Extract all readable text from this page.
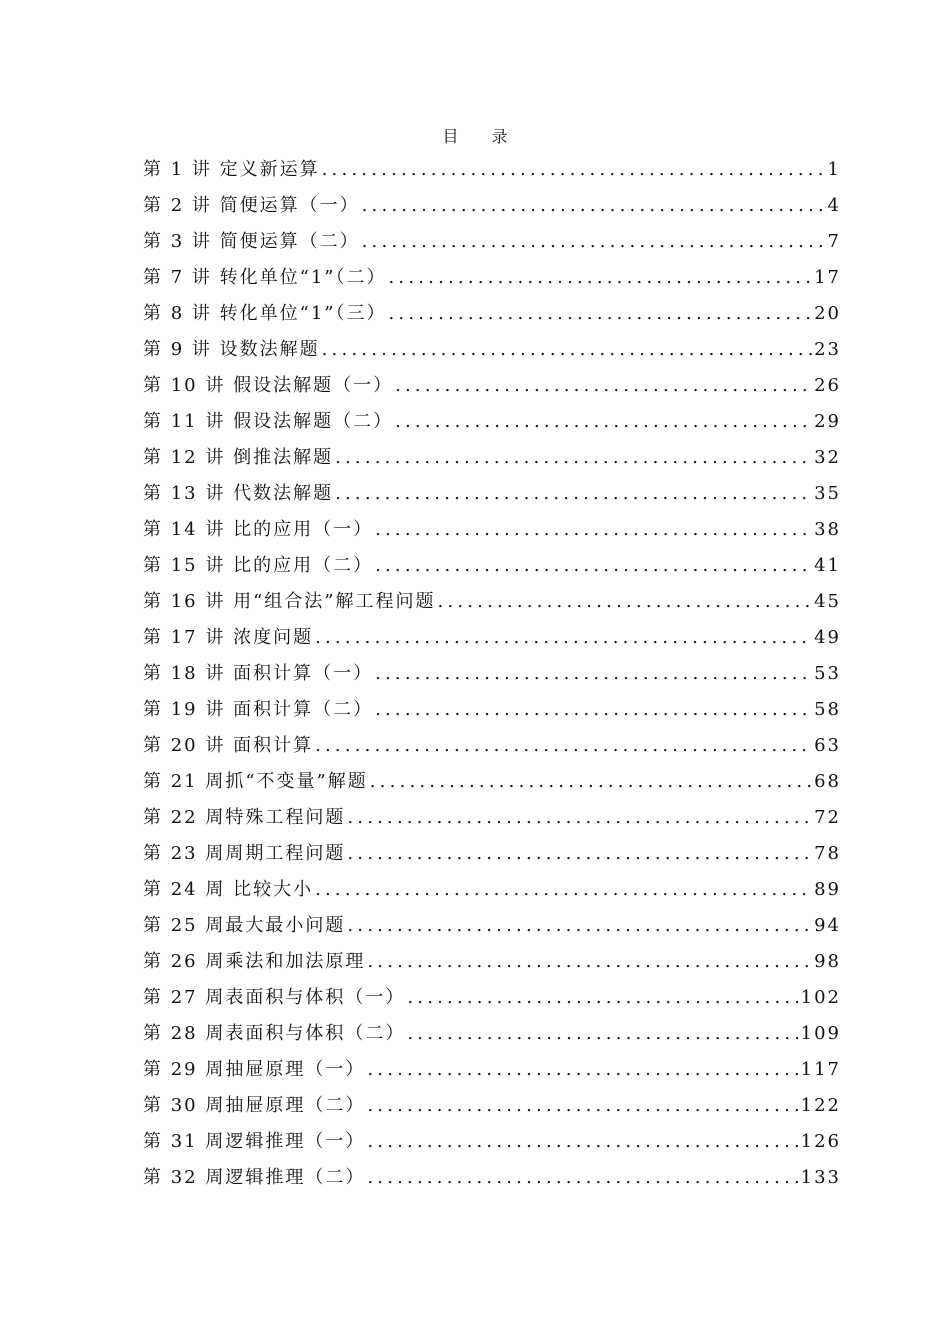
目 录
第 1 讲 定义新运算 .....	1
第 2 讲 简便运算（一） .....	4
第 3 讲 简便运算（二） .....	7
第 7 讲 转化单位“1”（二） .....	17
第 8 讲 转化单位“1”（三） .....	20
第 9 讲 设数法解题 .....	23
第 10 讲 假设法解题（一） .....	26
第 11 讲 假设法解题（二） .....	29
第 12 讲 倒推法解题 .....	32
第 13 讲 代数法解题 .....	35
第 14 讲 比的应用（一） .....	38
第 15 讲 比的应用（二） .....	41
第 16 讲 用“组合法”解工程问题 .....	45
第 17 讲 浓度问题 .....	49
第 18 讲 面积计算（一） .....	53
第 19 讲 面积计算（二） .....	58
第 20 讲 面积计算 .....	63
第 21 周抓“不变量”解题 .....	68
第 22 周特殊工程问题 .....	72
第 23 周周期工程问题 .....	78
第 24 周 比较大小 .....	89
第 25 周最大最小问题 .....	94
第 26 周乘法和加法原理 .....	98
第 27 周表面积与体积（一） .....	102
第 28 周表面积与体积（二） .....	109
第 29 周抽屉原理（一） .....	117
第 30 周抽屉原理（二） .....	122
第 31 周逻辑推理（一） .....	126
第 32 周逻辑推理（二） .....	133
